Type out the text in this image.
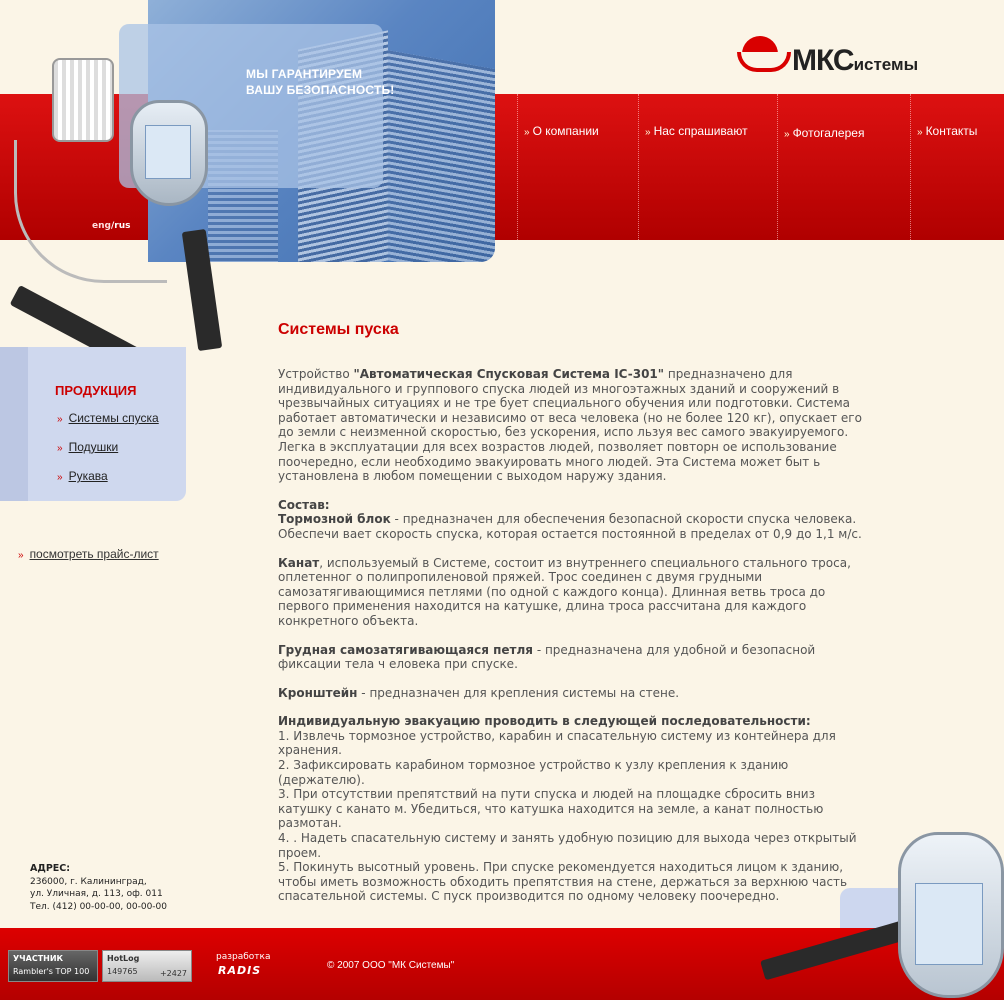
МЫ ГАРАНТИРУЕМ
ВАШУ БЕЗОПАСНОСТЬ!
МКСистемы
» О компании	» Нас спрашивают	» Фотогалерея	» Контакты
eng/rus
ПРОДУКЦИЯ
» Системы спуска
» Подушки
» Рукава
» посмотреть прайс-лист
Системы пуска

Устройство "Автоматическая Спусковая Система IC-301" предназначено для индивидуального и группового спуска людей из многоэтажных зданий и сооружений в чрезвычайных ситуациях и не тре бует специального обучения или подготовки. Система работает автоматически и независимо от веса человека (но не более 120 кг), опускает его до земли с неизменной скоростью, без ускорения, испо льзуя вес самого эвакуируемого. Легка в эксплуатации для всех возрастов людей, позволяет повторн ое использование поочередно, если необходимо эвакуировать много людей. Эта Система может быт ь установлена в любом помещении с выходом наружу здания.

Состав:

Тормозной блок - предназначен для обеспечения безопасной скорости спуска человека. Обеспечи вает скорость спуска, которая остается постоянной в пределах от 0,9 до 1,1 м/с.

Канат, используемый в Системе, состоит из внутреннего специального стального троса, оплетенног о полипропиленовой пряжей. Трос соединен с двумя грудными самозатягивающимися петлями (по одной с каждого конца). Длинная ветвь троса до первого применения находится на катушке, длина троса рассчитана для каждого конкретного объекта.

Грудная самозатягивающаяся петля - предназначена для удобной и безопасной фиксации тела ч еловека при спуске.

Кронштейн - предназначен для крепления системы на стене.

Индивидуальную эвакуацию проводить в следующей последовательности:

1. Извлечь тормозное устройство, карабин и спасательную систему из контейнера для хранения.

2. Зафиксировать карабином тормозное устройство к узлу крепления к зданию (держателю).

3. При отсутствии препятствий на пути спуска и людей на площадке сбросить вниз катушку с канато м. Убедиться, что катушка находится на земле, а канат полностью размотан.

4. . Надеть спасательную систему и занять удобную позицию для выхода через открытый проем.

5. Покинуть высотный уровень. При спуске рекомендуется находиться лицом к зданию, чтобы иметь возможность обходить препятствия на стене, держаться за верхнюю часть спасательной системы. С пуск производится по одному человеку поочередно.

АДРЕС:
236000, г. Калининград,
ул. Уличная, д. 113, оф. 011
Тел. (412) 00-00-00, 00-00-00
УЧАСТНИК
Rambler's TOP 100
HotLog
149765	+2427
разработка
RADIS	© 2007 ООО "МК Системы"
